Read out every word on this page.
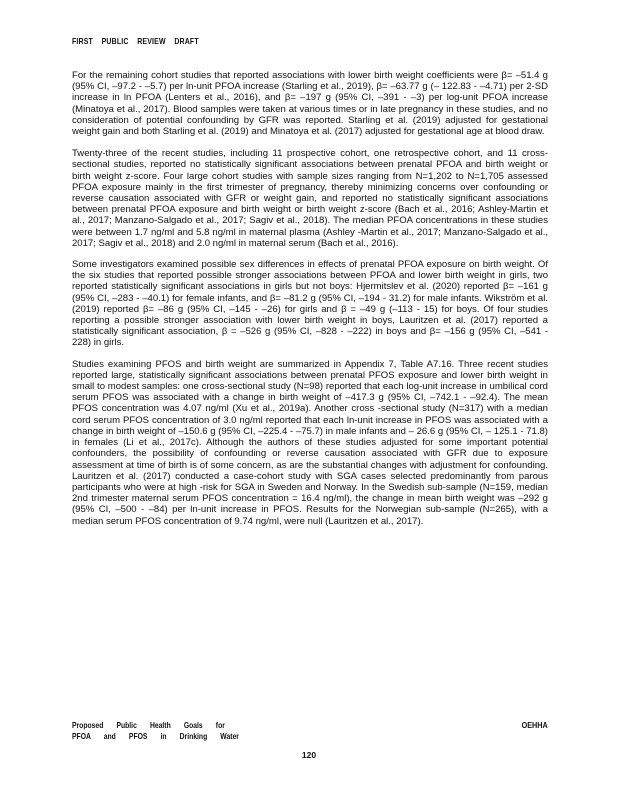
FIRST PUBLIC REVIEW DRAFT

For the remaining cohort studies that reported associations with lower birth weight coefficients were β= –51.4 g (95% CI, –97.2 - –5.7) per ln-unit PFOA increase (Starling et al., 2019), β= –63.77 g (– 122.83 - –4.71) per 2-SD increase in ln PFOA (Lenters et al., 2016), and β= –197 g (95% CI, –391 - –3) per log-unit PFOA increase (Minatoya et al., 2017). Blood samples were taken at various times or in late pregnancy in these studies, and no consideration of potential confounding by GFR was reported. Starling et al. (2019) adjusted for gestational weight gain and both Starling et al. (2019) and Minatoya et al. (2017) adjusted for gestational age at blood draw.

Twenty-three of the recent studies, including 11 prospective cohort, one retrospective cohort, and 11 cross-sectional studies, reported no statistically significant associations between prenatal PFOA and birth weight or birth weight z-score. Four large cohort studies with sample sizes ranging from N=1,202 to N=1,705 assessed PFOA exposure mainly in the first trimester of pregnancy, thereby minimizing concerns over confounding or reverse causation associated with GFR or weight gain, and reported no statistically significant associations between prenatal PFOA exposure and birth weight or birth weight z-score (Bach et al., 2016; Ashley-Martin et al., 2017; Manzano-Salgado et al., 2017; Sagiv et al., 2018). The median PFOA concentrations in these studies were between 1.7 ng/ml and 5.8 ng/ml in maternal plasma (Ashley -Martin et al., 2017; Manzano-Salgado et al., 2017; Sagiv et al., 2018) and 2.0 ng/ml in maternal serum (Bach et al., 2016).

Some investigators examined possible sex differences in effects of prenatal PFOA exposure on birth weight. Of the six studies that reported possible stronger associations between PFOA and lower birth weight in girls, two reported statistically significant associations in girls but not boys: Hjermitslev et al. (2020) reported β= –161 g (95% CI, –283 - –40.1) for female infants, and β= –81.2 g (95% CI, –194 - 31.2) for male infants. Wikström et al. (2019) reported β= –86 g (95% CI, –145 - –26) for girls and β = –49 g (–113 - 15) for boys. Of four studies reporting a possible stronger association with lower birth weight in boys, Lauritzen et al. (2017) reported a statistically significant association, β = –526 g (95% CI, –828 - –222) in boys and β= –156 g (95% CI, –541 - 228) in girls.

Studies examining PFOS and birth weight are summarized in Appendix 7, Table A7.16. Three recent studies reported large, statistically significant associations between prenatal PFOS exposure and lower birth weight in small to modest samples: one cross-sectional study (N=98) reported that each log-unit increase in umbilical cord serum PFOS was associated with a change in birth weight of –417.3 g (95% CI, –742.1 - –92.4). The mean PFOS concentration was 4.07 ng/ml (Xu et al., 2019a). Another cross -sectional study (N=317) with a median cord serum PFOS concentration of 3.0 ng/ml reported that each ln-unit increase in PFOS was associated with a change in birth weight of –150.6 g (95% CI, –225.4 - –75.7) in male infants and – 26.6 g (95% CI, – 125.1 - 71.8) in females (Li et al., 2017c). Although the authors of these studies adjusted for some important potential confounders, the possibility of confounding or reverse causation associated with GFR due to exposure assessment at time of birth is of some concern, as are the substantial changes with adjustment for confounding. Lauritzen et al. (2017) conducted a case-cohort study with SGA cases selected predominantly from parous participants who were at high -risk for SGA in Sweden and Norway. In the Swedish sub-sample (N=159, median 2nd trimester maternal serum PFOS concentration = 16.4 ng/ml), the change in mean birth weight was –292 g (95% CI, –500 - –84) per ln-unit increase in PFOS. Results for the Norwegian sub-sample (N=265), with a median serum PFOS concentration of 9.74 ng/ml, were null (Lauritzen et al., 2017).

Proposed Public Health Goals for
PFOA and PFOS in Drinking Water
OEHHA
120
